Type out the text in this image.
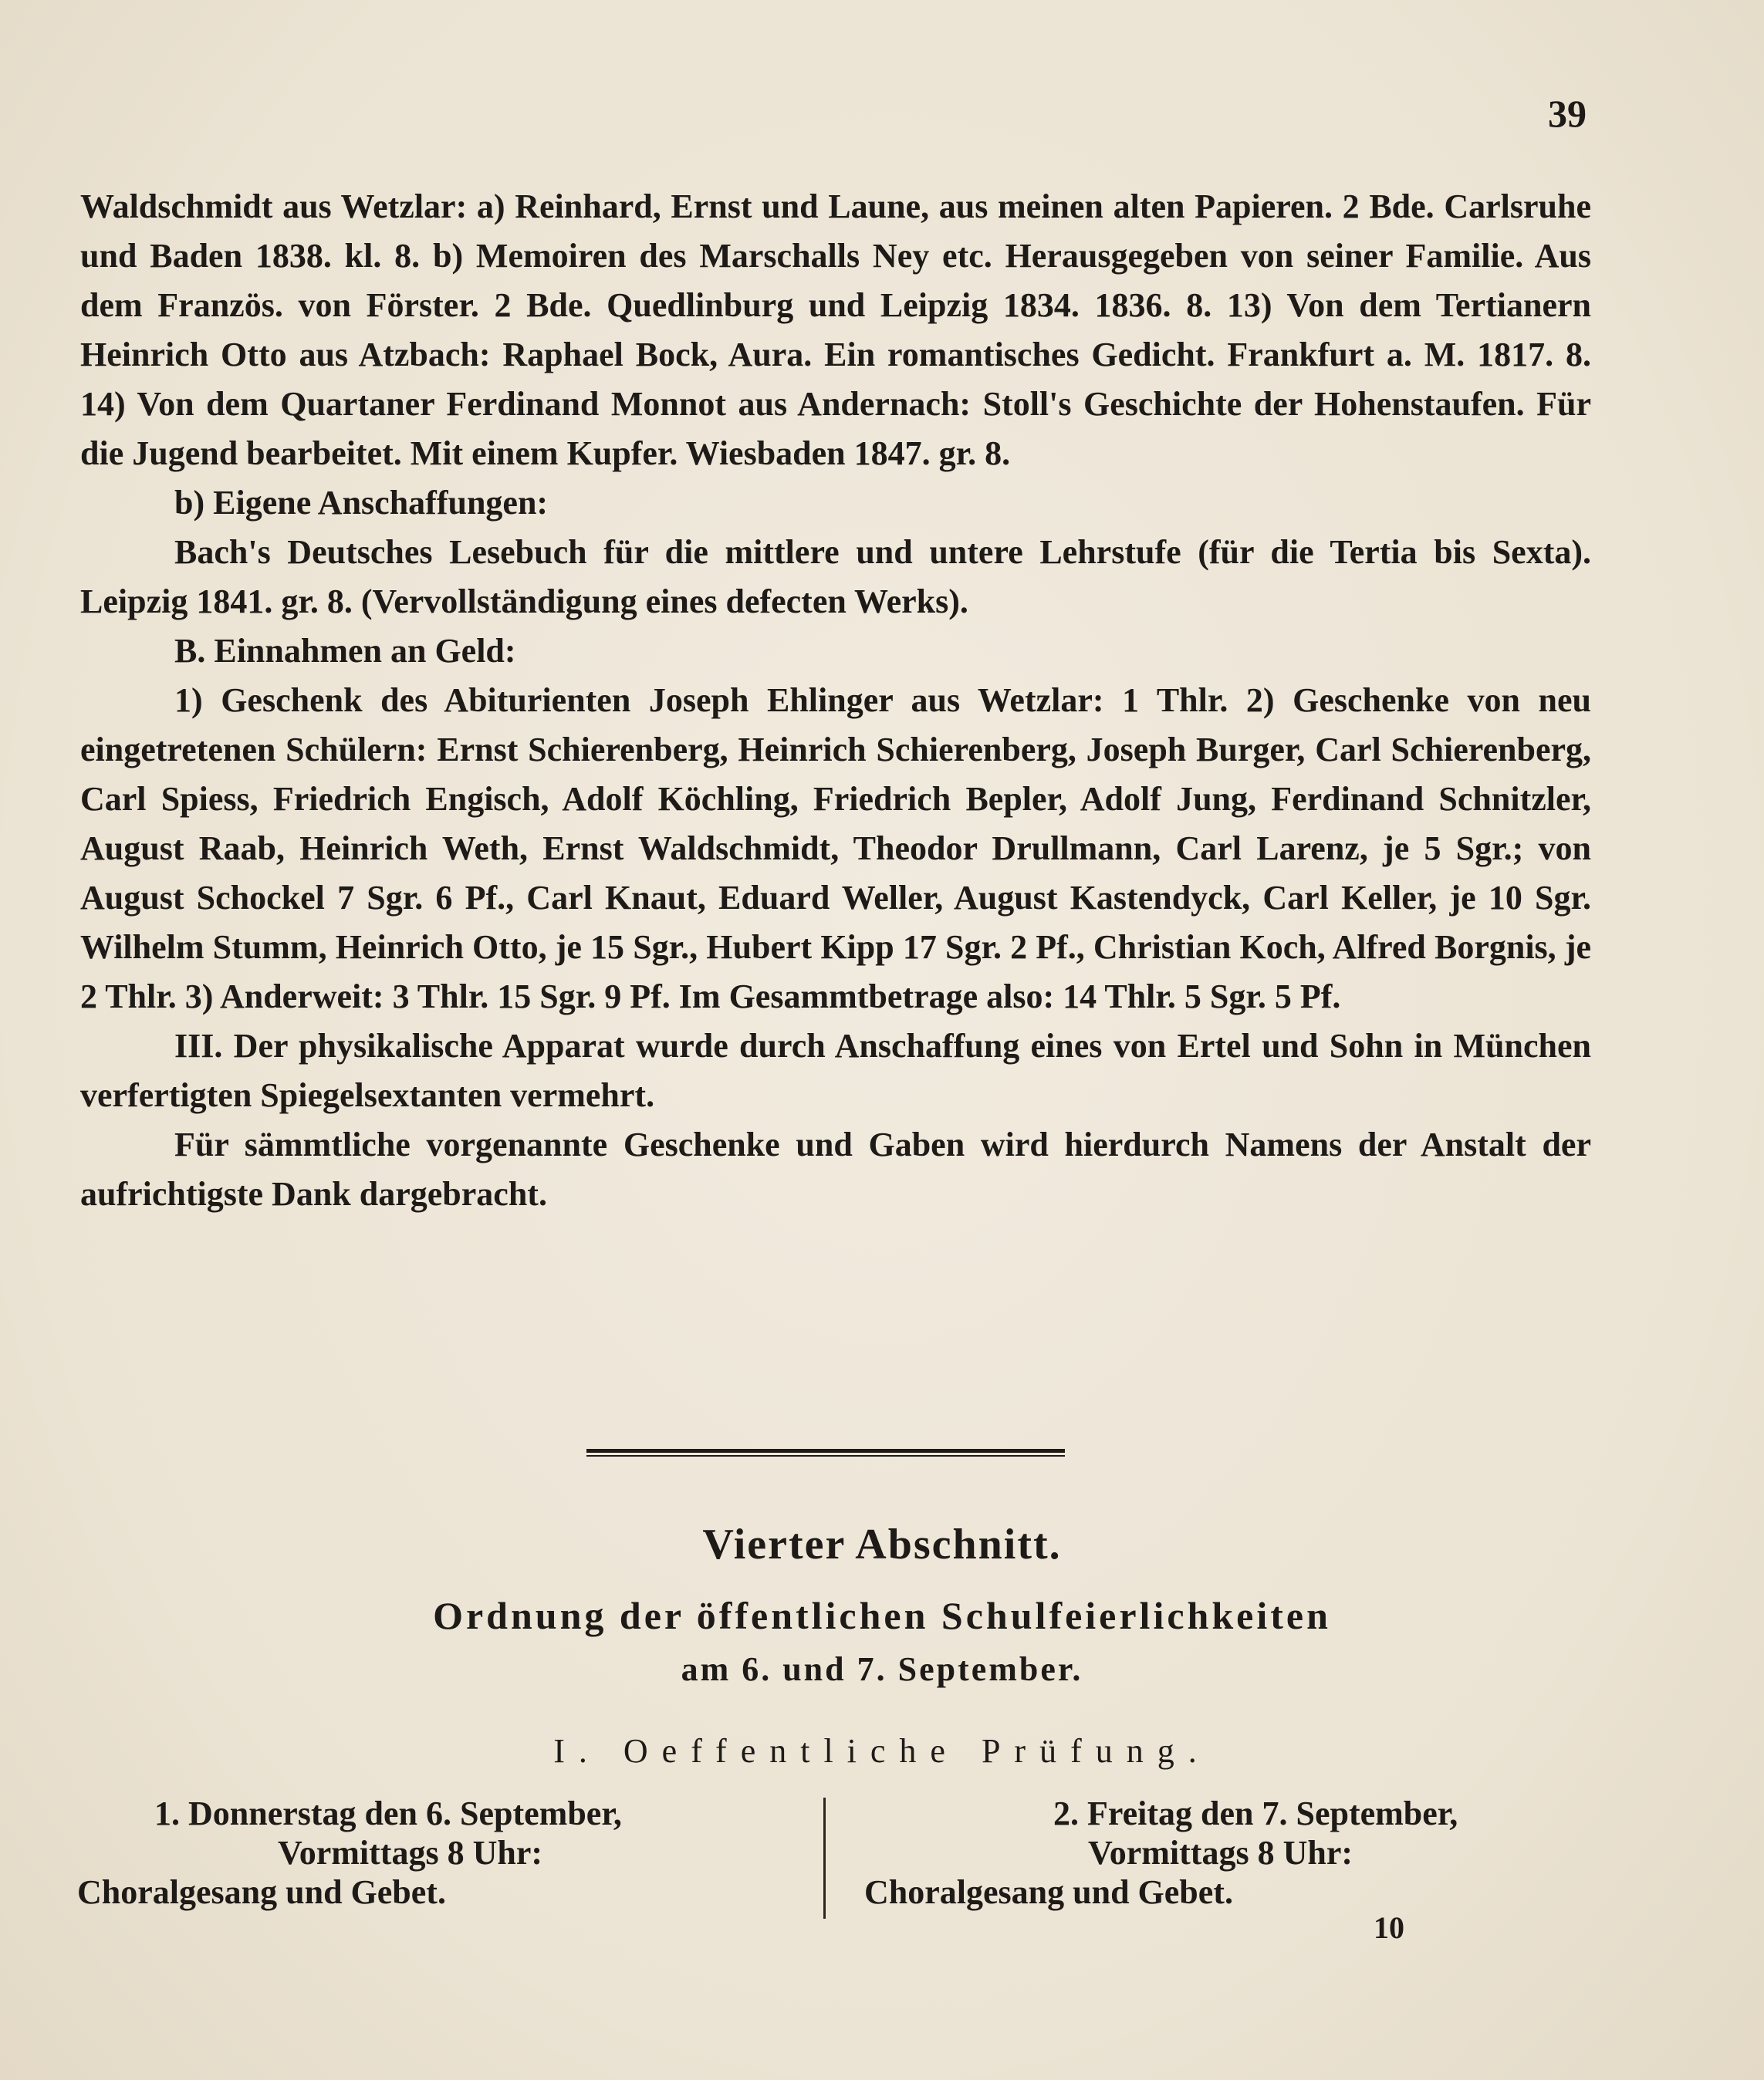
39

Waldschmidt aus Wetzlar: a) Reinhard, Ernst und Laune, aus meinen alten Papieren. 2 Bde. Carlsruhe und Baden 1838. kl. 8. b) Memoiren des Marschalls Ney etc. Herausgegeben von seiner Familie. Aus dem Französ. von Förster. 2 Bde. Quedlinburg und Leipzig 1834. 1836. 8. 13) Von dem Tertianern Heinrich Otto aus Atzbach: Raphael Bock, Aura. Ein romantisches Gedicht. Frankfurt a. M. 1817. 8. 14) Von dem Quartaner Ferdinand Monnot aus Andernach: Stoll's Geschichte der Hohenstaufen. Für die Jugend bearbeitet. Mit einem Kupfer. Wiesbaden 1847. gr. 8.

b) Eigene Anschaffungen:

Bach's Deutsches Lesebuch für die mittlere und untere Lehrstufe (für die Tertia bis Sexta). Leipzig 1841. gr. 8. (Vervollständigung eines defecten Werks).

B. Einnahmen an Geld:

1) Geschenk des Abiturienten Joseph Ehlinger aus Wetzlar: 1 Thlr. 2) Geschenke von neu eingetretenen Schülern: Ernst Schierenberg, Heinrich Schierenberg, Joseph Burger, Carl Schierenberg, Carl Spiess, Friedrich Engisch, Adolf Köchling, Friedrich Bepler, Adolf Jung, Ferdinand Schnitzler, August Raab, Heinrich Weth, Ernst Waldschmidt, Theodor Drullmann, Carl Larenz, je 5 Sgr.; von August Schockel 7 Sgr. 6 Pf., Carl Knaut, Eduard Weller, August Kastendyck, Carl Keller, je 10 Sgr. Wilhelm Stumm, Heinrich Otto, je 15 Sgr., Hubert Kipp 17 Sgr. 2 Pf., Christian Koch, Alfred Borgnis, je 2 Thlr. 3) Anderweit: 3 Thlr. 15 Sgr. 9 Pf. Im Gesammtbetrage also: 14 Thlr. 5 Sgr. 5 Pf.

III. Der physikalische Apparat wurde durch Anschaffung eines von Ertel und Sohn in München verfertigten Spiegelsextanten vermehrt.

Für sämmtliche vorgenannte Geschenke und Gaben wird hierdurch Namens der Anstalt der aufrichtigste Dank dargebracht.

Vierter Abschnitt.
Ordnung der öffentlichen Schulfeierlichkeiten
am 6. und 7. September.
I. Oeffentliche Prüfung.
1. Donnerstag den 6. September,
Vormittags 8 Uhr:
Choralgesang und Gebet.
2. Freitag den 7. September,
Vormittags 8 Uhr:
Choralgesang und Gebet.
10
